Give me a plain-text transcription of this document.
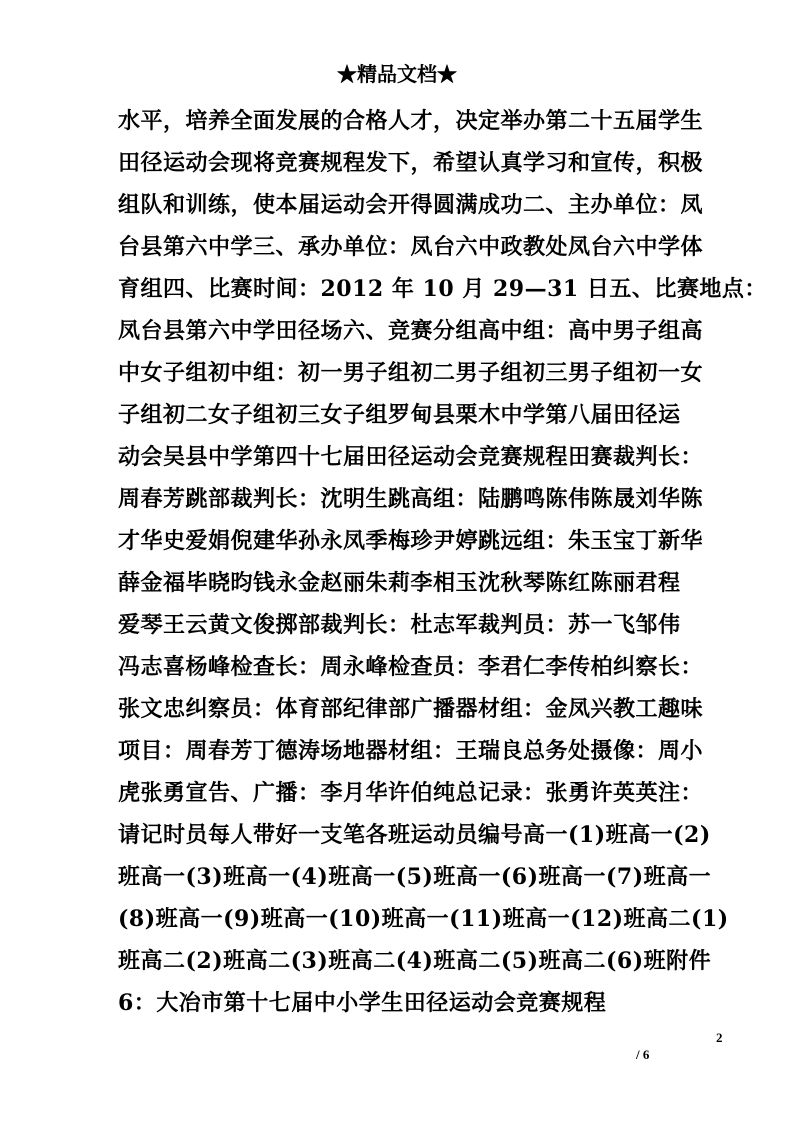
★精品文档★
水平，培养全面发展的合格人才，决定举办第二十五届学生
田径运动会现将竞赛规程发下，希望认真学习和宣传，积极
组队和训练，使本届运动会开得圆满成功二、主办单位：凤
台县第六中学三、承办单位：凤台六中政教处凤台六中学体
育组四、比赛时间：2012 年 10 月 29—31 日五、比赛地点：
凤台县第六中学田径场六、竞赛分组高中组：高中男子组高
中女子组初中组：初一男子组初二男子组初三男子组初一女
子组初二女子组初三女子组罗甸县栗木中学第八届田径运
动会吴县中学第四十七届田径运动会竞赛规程田赛裁判长：
周春芳跳部裁判长：沈明生跳高组：陆鹏鸣陈伟陈晟刘华陈
才华史爱娟倪建华孙永凤季梅珍尹婷跳远组：朱玉宝丁新华
薛金福毕晓昀钱永金赵丽朱莉李相玉沈秋琴陈红陈丽君程
爱琴王云黄文俊掷部裁判长：杜志军裁判员：苏一飞邹伟
冯志喜杨峰检查长：周永峰检查员：李君仁李传柏纠察长：
张文忠纠察员：体育部纪律部广播器材组：金凤兴教工趣味
项目：周春芳丁德涛场地器材组：王瑞良总务处摄像：周小
虎张勇宣告、广播：李月华许伯纯总记录：张勇许英英注：
请记时员每人带好一支笔各班运动员编号高一(1)班高一(2)
班高一(3)班高一(4)班高一(5)班高一(6)班高一(7)班高一
(8)班高一(9)班高一(10)班高一(11)班高一(12)班高二(1)
班高二(2)班高二(3)班高二(4)班高二(5)班高二(6)班附件
6：大冶市第十七届中小学生田径运动会竞赛规程
2
/ 6
